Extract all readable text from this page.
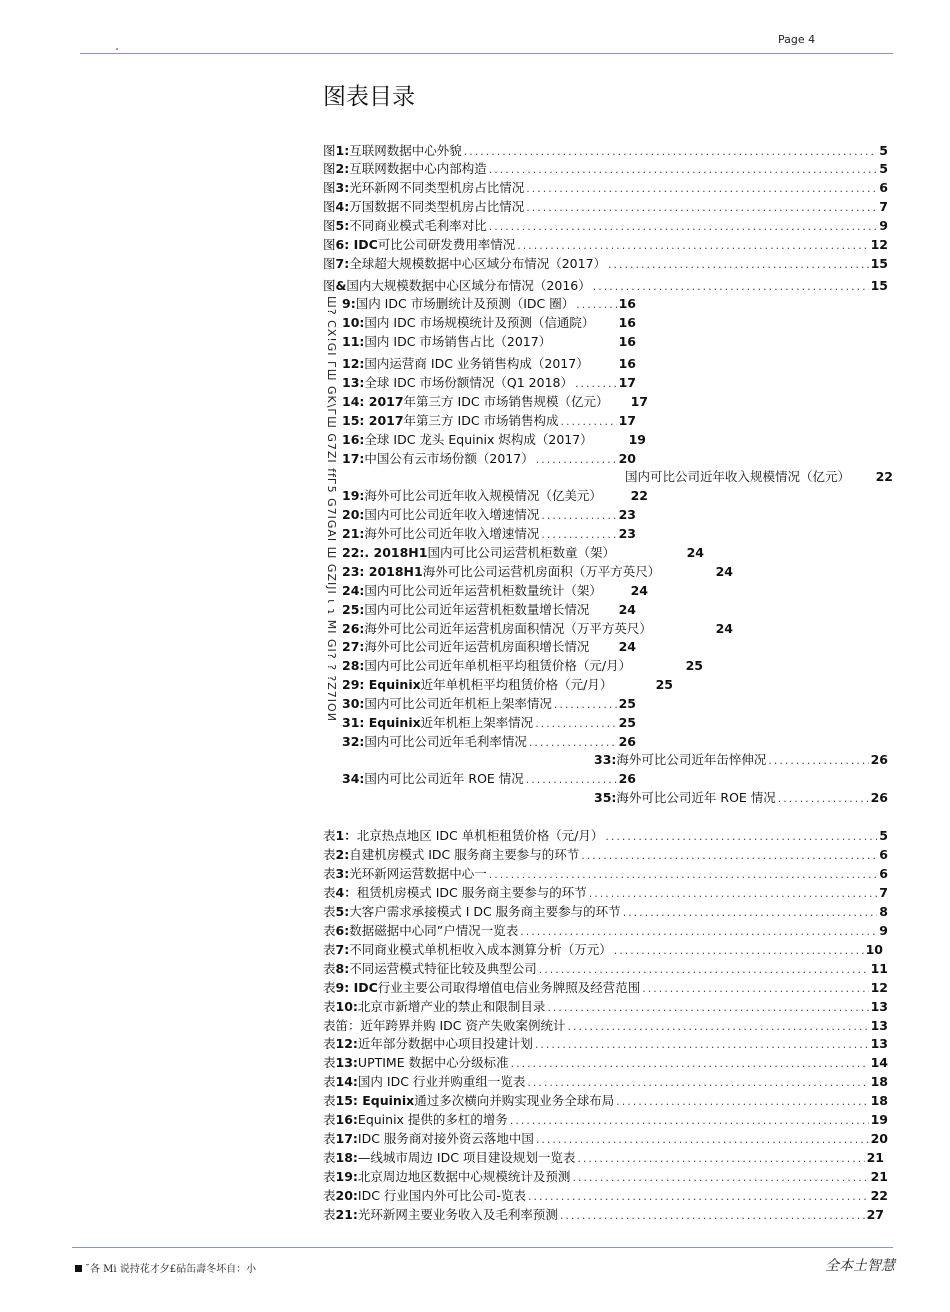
Page 4
图表目录
Ш? СХ!GI ГШ GK\ГШ G7ZI ffГ5 G7IGAI Ш GZIJI ɩ ɿ MI GI? ? ?Z7IOИ
图 1: 互联网数据中心外貌 .....	5
图 2: 互联网数据中心内部构造 .....	5
图 3: 光环新网不同类型机房占比情况 .....	6
图 4: 万国数据不同类型机房占比情况 .....	7
图 5: 不同商业模式毛利率对比 .....	9
图 6: IDC 可比公司研发费用率情况 .....	12
图 7: 全球超大规模数据中心区域分布情况（2017） .....	15
图 & 国内大规模数据中心区域分布情况（2016） .....	15
9: 国内 IDC 市场删统计及预测（IDC 圈） .....	16
10: 国内 IDC 市场规模统计及预测（信通院） 16
11: 国内 IDC 市场销售占比（2017）	16
12: 国内运营商 IDC 业务销售构成（2017） 16
13: 全球 IDC 市场份额情况（Q1 2018） .....	17
14: 2017 年第三方 IDC 市场销售规模（亿元） 17
15: 2017 年第三方 IDC 市场销售构成 .....	17
16: 全球 IDC 龙头 Equinix 烬构成（2017）	19
17: 中国公有云市场份额（2017） .....	20
国内可比公司近年收入规模情况（亿元） 22
19: 海外可比公司近年收入规模情况（亿美元） 22
20: 国内可比公司近年收入增速情况 .....	23
21: 海外可比公司近年收入增速情况 .....	23
22:. 2018H1 国内可比公司运营机柜数童（架）	24
23: 2018H1 海外可比公司运营机房面积（万平方英尺）	24
24: 国内可比公司近年运营机柜数量统计（架） 24
25: 国内可比公司近年运营机柜数量增长情况 24
26: 海外可比公司近年运营机房面积情况（万平方英尺）	24
27: 海外可比公司近年运营机房面积增长情况 24
28: 国内可比公司近年单机柜平均租赁价格（元/月）	25
29: Equinix 近年单机柜平均租赁价格（元/月）	25
30: 国内可比公司近年机柜上架率情况 .....	25
31: Equinix 近年机柜上架率情况 .....	25
32: 国内可比公司近年毛利率情况 .....	26
33: 海外可比公司近年缶悴伸况 .....	26
34: 国内可比公司近年 ROE 情况 .....	26
35: 海外可比公司近年 ROE 情况 .....	26
表 1： 北京热点地区 IDC 单机柜租赁价格（元/月） .....	5
表 2: 自建机房模式 IDC 服务商主要参与的环节 .....	6
表 3: 光环新网运营数据中心一 .....	6
表 4： 租赁机房模式 IDC 服务商主要参与的环节 .....	7
表 5: 大客户需求承接模式 I DC 服务商主要参与的环节 .....	8
表 6: 数据磁据中心同”户情况一览表 .....	9
表 7: 不同商业模式单机柜收入成本测算分析（万元） .....	10
表 8: 不同运营模式特征比较及典型公司 .....	11
表 9: IDC 行业主要公司取得增值电信业务牌照及经营范围 .....	12
表 10: 北京市新增产业的禁止和限制目录 .....	13
表笛： 近年跨界并购 IDC 资产失败案例统计 .....	13
表 12: 近年部分数据中心项目投建计划 .....	13
表 13: UPTIME 数据中心分级标准 .....	14
表 14: 国内 IDC 行业并购重组一览表 .....	18
表 15: Equinix 通过多次横向并购实现业务全球布局 .....	18
表 16: Equinix 提供的多杠的增务 .....	19
表 17: IDC 服务商对接外资云落地中国 .....	20
表 18: —线城市周边 IDC 项目建设规划一览表 .....	21
表 19: 北京周边地区数据中心规模统计及预测 .....	21
表 20: IDC 行业国内外可比公司-览表 .....	22
表 21: 光环新网主要业务收入及毛利率预测 .....	27
ˉ各 Mi 说持花才夕£砧缶壽冬坏自：小	全本土智慧
